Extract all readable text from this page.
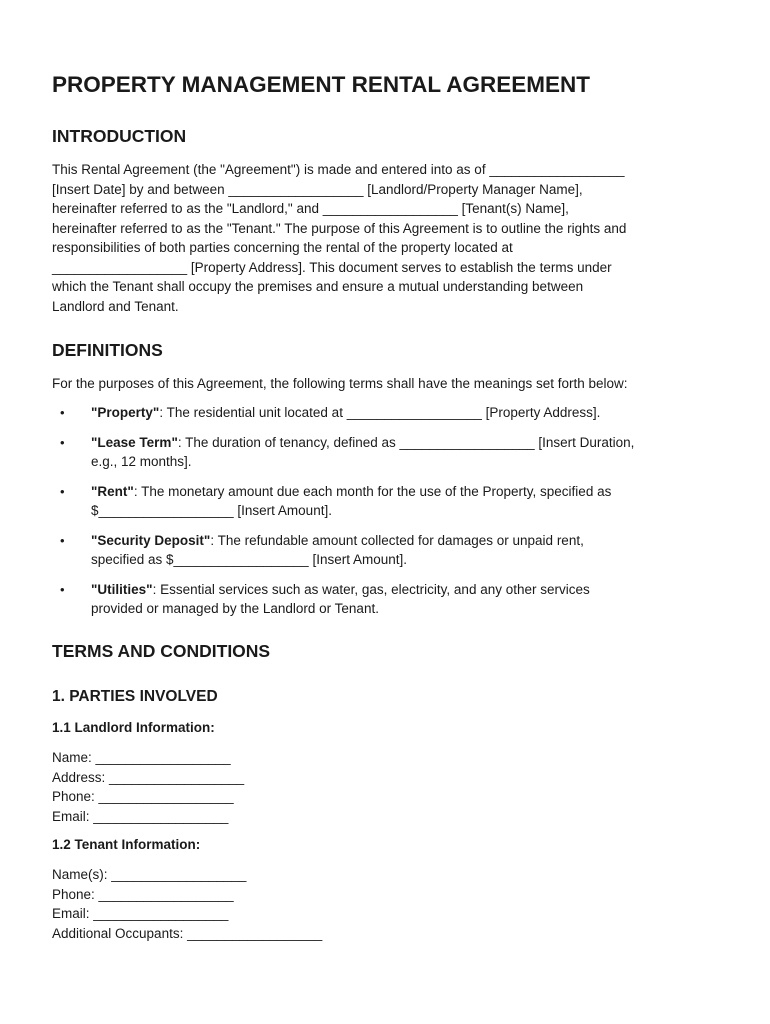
PROPERTY MANAGEMENT RENTAL AGREEMENT
INTRODUCTION

This Rental Agreement (the "Agreement") is made and entered into as of __________________
[Insert Date] by and between __________________ [Landlord/Property Manager Name],
hereinafter referred to as the "Landlord," and __________________ [Tenant(s) Name],
hereinafter referred to as the "Tenant." The purpose of this Agreement is to outline the rights and
responsibilities of both parties concerning the rental of the property located at
__________________ [Property Address]. This document serves to establish the terms under
which the Tenant shall occupy the premises and ensure a mutual understanding between
Landlord and Tenant.

DEFINITIONS

For the purposes of this Agreement, the following terms shall have the meanings set forth below:

• "Property": The residential unit located at __________________ [Property Address].
• "Lease Term": The duration of tenancy, defined as __________________ [Insert Duration,
e.g., 12 months].
• "Rent": The monetary amount due each month for the use of the Property, specified as
$__________________ [Insert Amount].
• "Security Deposit": The refundable amount collected for damages or unpaid rent,
specified as $__________________ [Insert Amount].
• "Utilities": Essential services such as water, gas, electricity, and any other services
provided or managed by the Landlord or Tenant.
TERMS AND CONDITIONS
1. PARTIES INVOLVED
1.1 Landlord Information:
Name: __________________
Address: __________________
Phone: __________________
Email: __________________
1.2 Tenant Information:
Name(s): __________________
Phone: __________________
Email: __________________
Additional Occupants: __________________
